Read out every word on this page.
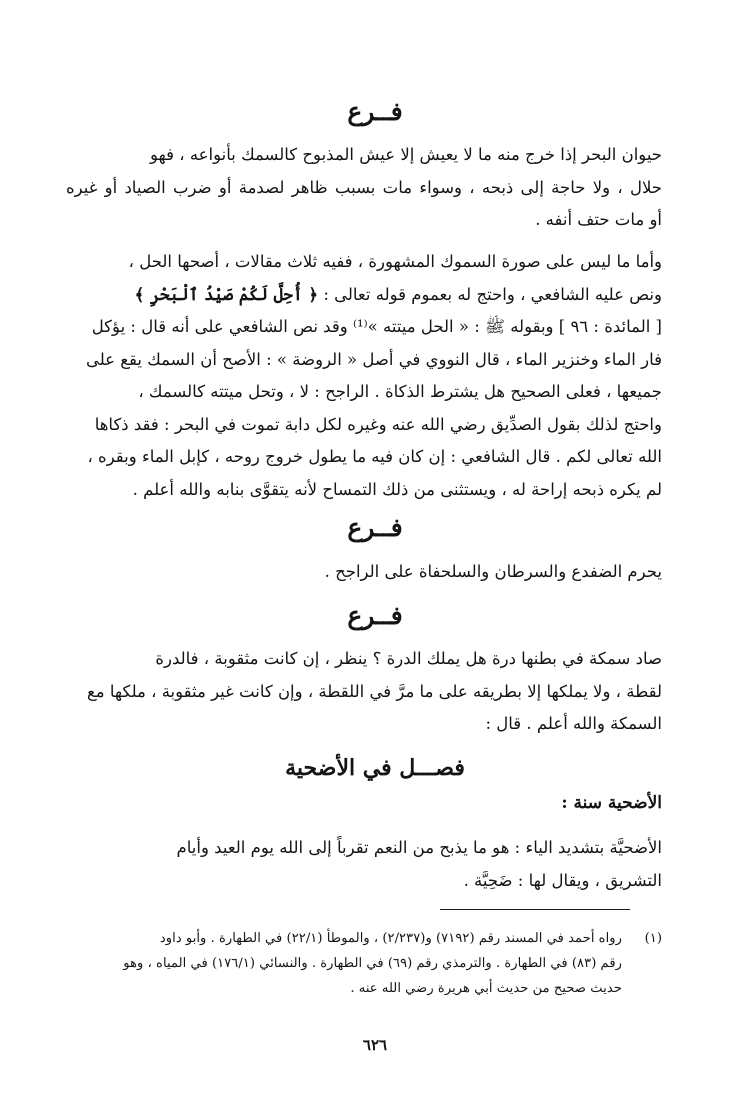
فــرع

حيوان البحر إذا خرج منه ما لا يعيش إلا عيش المذبوح كالسمك بأنواعه ، فهو
حلال ، ولا حاجة إلى ذبحه ، وسواء مات بسبب ظاهر لصدمة أو ضرب الصياد أو غيره
أو مات حتف أنفه .

وأما ما ليس على صورة السموك المشهورة ، ففيه ثلاث مقالات ، أصحها الحل ،
ونص عليه الشافعي ، واحتج له بعموم قوله تعالى : ﴿ أُحِلَّ لَكُمْ صَيْدُ ٱلْبَحْرِ ﴾
[ المائدة : ٩٦ ] وبقوله ﷺ : « الحل ميتته »⁽¹⁾ وقد نص الشافعي على أنه قال : يؤكل
فار الماء وخنزير الماء ، قال النووي في أصل « الروضة » : الأصح أن السمك يقع على
جميعها ، فعلى الصحيح هل يشترط الذكاة . الراجح : لا ، وتحل ميتته كالسمك ،
واحتج لذلك بقول الصدِّيق رضي الله عنه وغيره لكل دابة تموت في البحر : فقد ذكاها
الله تعالى لكم . قال الشافعي : إن كان فيه ما يطول خروج روحه ، كإبل الماء وبقره ،
لم يكره ذبحه إراحة له ، ويستثنى من ذلك التمساح لأنه يتقوَّى بنابه والله أعلم .

فــرع

يحرم الضفدع والسرطان والسلحفاة على الراجح .

فــرع

صاد سمكة في بطنها درة هل يملك الدرة ؟ ينظر ، إن كانت مثقوبة ، فالدرة
لقطة ، ولا يملكها إلا بطريقه على ما مرَّ في اللقطة ، وإن كانت غير مثقوبة ، ملكها مع
السمكة والله أعلم . قال :

فصـــل في الأضحية

الأضحية سنة :

الأضحيَّة بتشديد الياء : هو ما يذبح من النعم تقرباً إلى الله يوم العيد وأيام
التشريق ، ويقال لها : ضَحِيَّة .

(١)رواه أحمد في المسند رقم (٧١٩٢) و(٢/٢٣٧) ، والموطأ (٢٢/١) في الطهارة . وأبو داود
رقم (٨٣) في الطهارة . والترمذي رقم (٦٩) في الطهارة . والنسائي (١٧٦/١) في المياه ، وهو
حديث صحيح من حديث أبي هريرة رضي الله عنه .

٦٢٦
